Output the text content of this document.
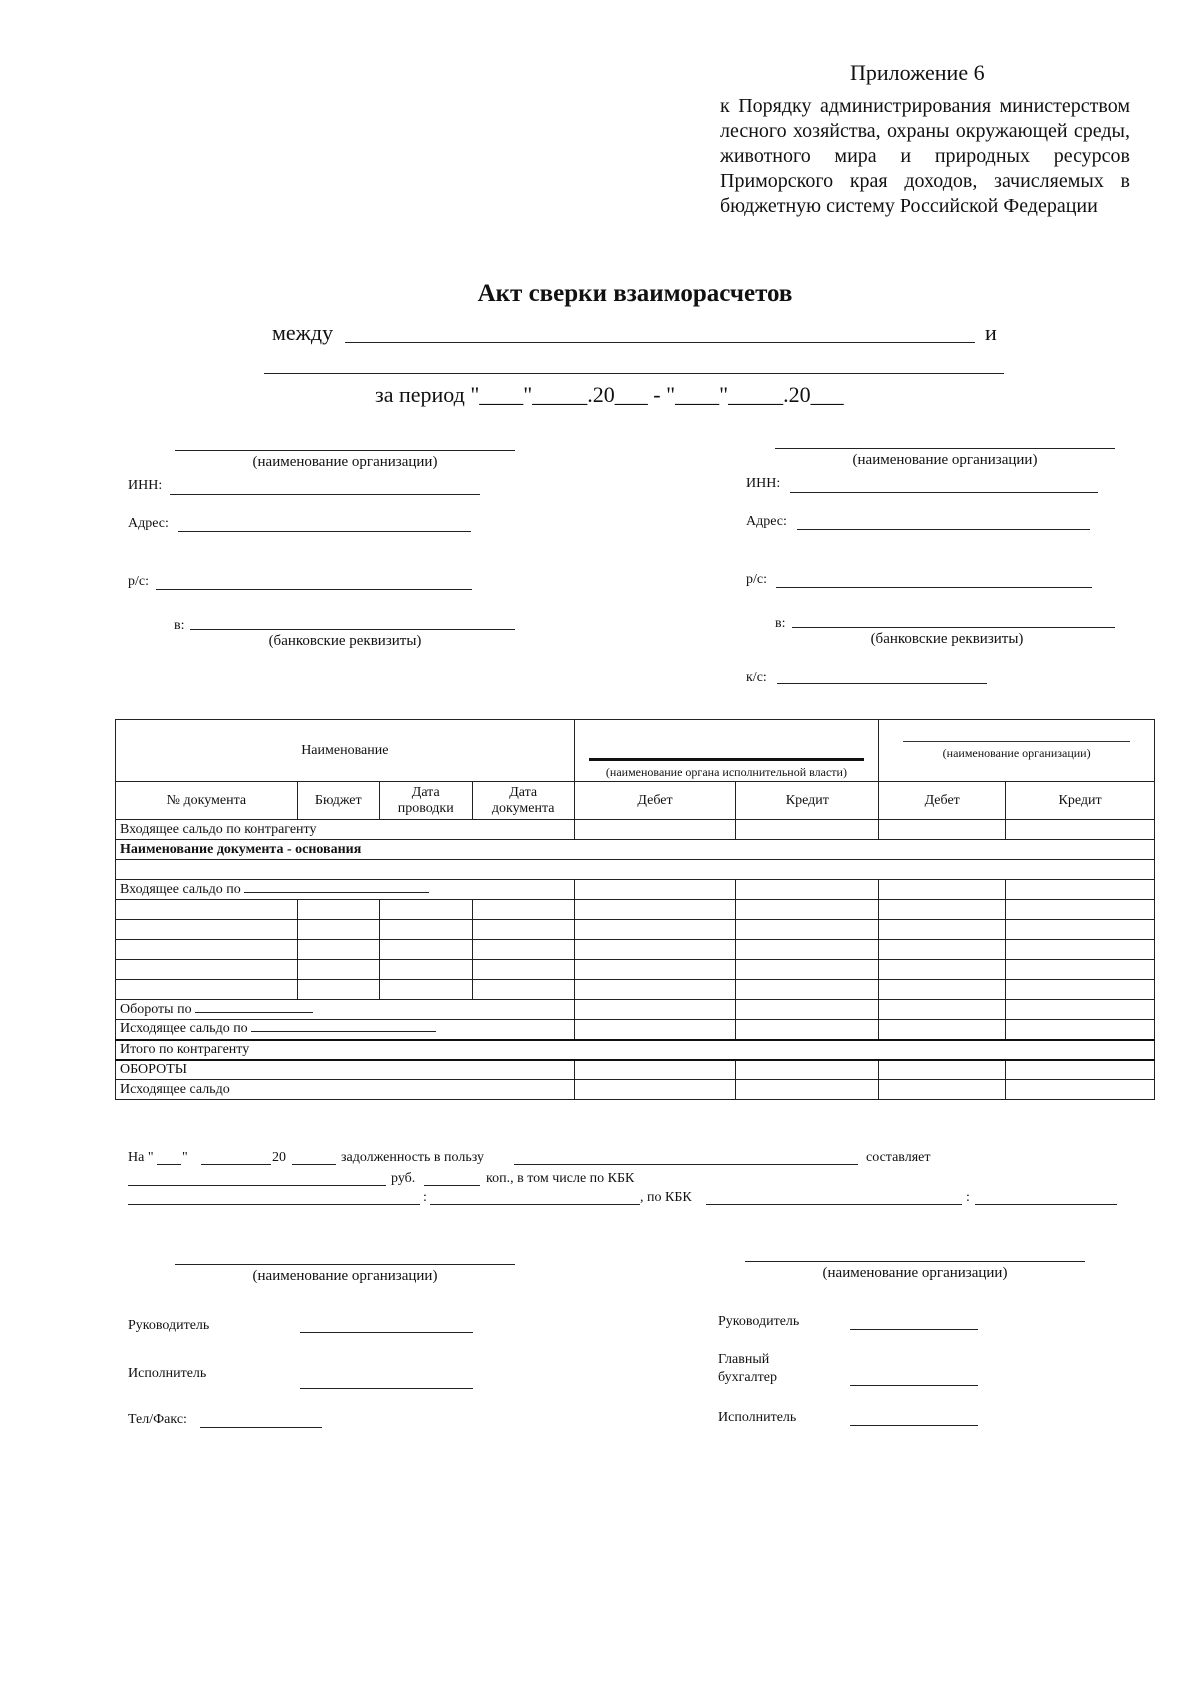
Приложение 6
к Порядку администрирования министерством лесного хозяйства, охраны окружающей среды, животного мира и природных ресурсов Приморского края доходов, зачисляемых в бюджетную систему Российской Федерации
Акт сверки взаиморасчетов
между	и
за период "____"_____.20___ - "____"_____.20___
(наименование организации)
ИНН:
Адрес:
р/с:
в:
(банковские реквизиты)
(наименование организации)
ИНН:
Адрес:
р/с:
в:
(банковские реквизиты)
к/с:
Наименование				(наименование органа исполнительной власти)		(наименование организации)	
№ документа	Бюджет	Дата проводки	Дата документа	Дебет	Кредит	Дебет	Кредит
Входящее сальдо по контрагенту							
Наименование документа - основания							

Входящее сальдо по							

Обороты по							
Исходящее сальдо по							
Итого по контрагенту							
ОБОРОТЫ							
Исходящее сальдо							
На " "	20	задолженность в пользу	составляет
руб.	коп., в том числе по КБК
:	, по КБК	:
(наименование организации)
Руководитель
Исполнитель
Тел/Факс:
(наименование организации)
Руководитель
Главный
бухгалтер
Исполнитель
